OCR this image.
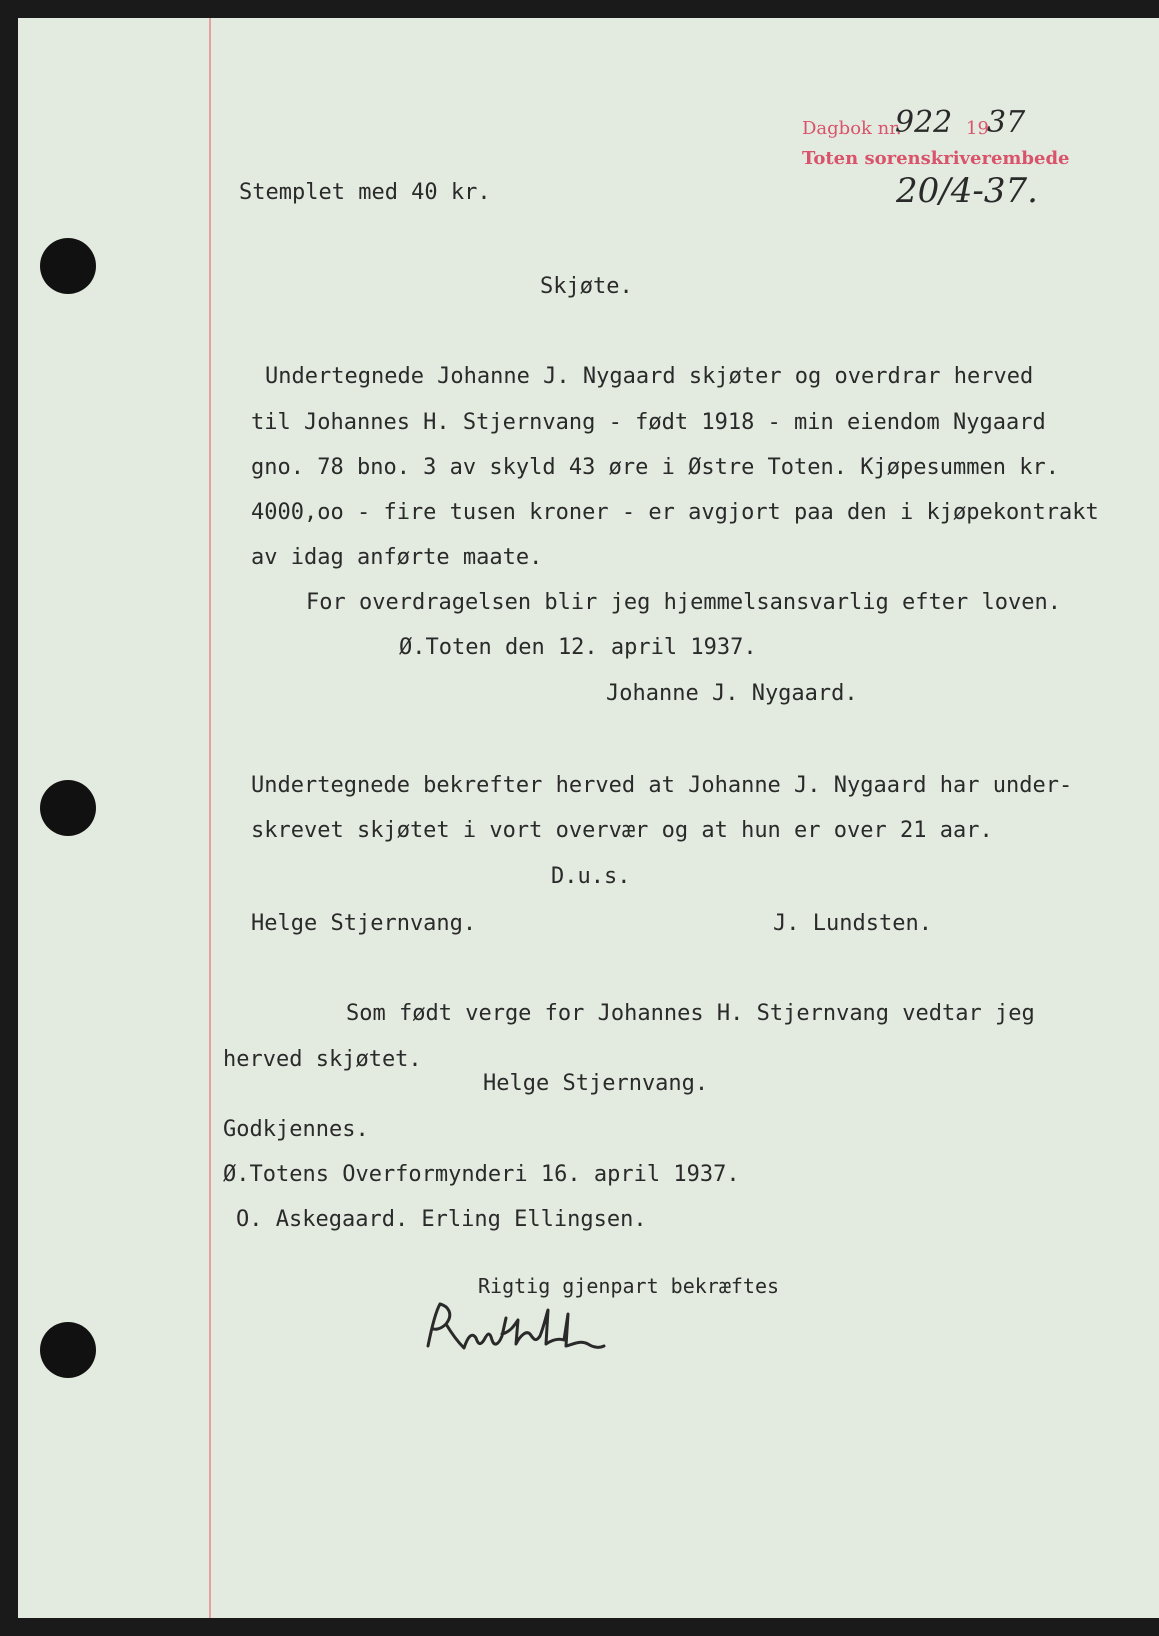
Dagbok nr.

922 19

37

Toten sorenskriverembede

20/4-37.

Stemplet med 40 kr.

Skjøte.

Undertegnede Johanne J. Nygaard skjøter og overdrar herved

til Johannes H. Stjernvang - født 1918 - min eiendom Nygaard

gno. 78 bno. 3 av skyld 43 øre i Østre Toten. Kjøpesummen kr.

4000,oo - fire tusen kroner - er avgjort paa den i kjøpekontrakt

av idag anførte maate.

For overdragelsen blir jeg hjemmelsansvarlig efter loven.

Ø.Toten den 12. april 1937.

Johanne J. Nygaard.

Undertegnede bekrefter herved at Johanne J. Nygaard har under-

skrevet skjøtet i vort overvær og at hun er over 21 aar.

D.u.s.

Helge Stjernvang.	J. Lundsten.

Som født verge for Johannes H. Stjernvang vedtar jeg

herved skjøtet.

Helge Stjernvang.

Godkjennes.

Ø.Totens Overformynderi 16. april 1937.

O. Askegaard. Erling Ellingsen.

Rigtig gjenpart bekræftes
